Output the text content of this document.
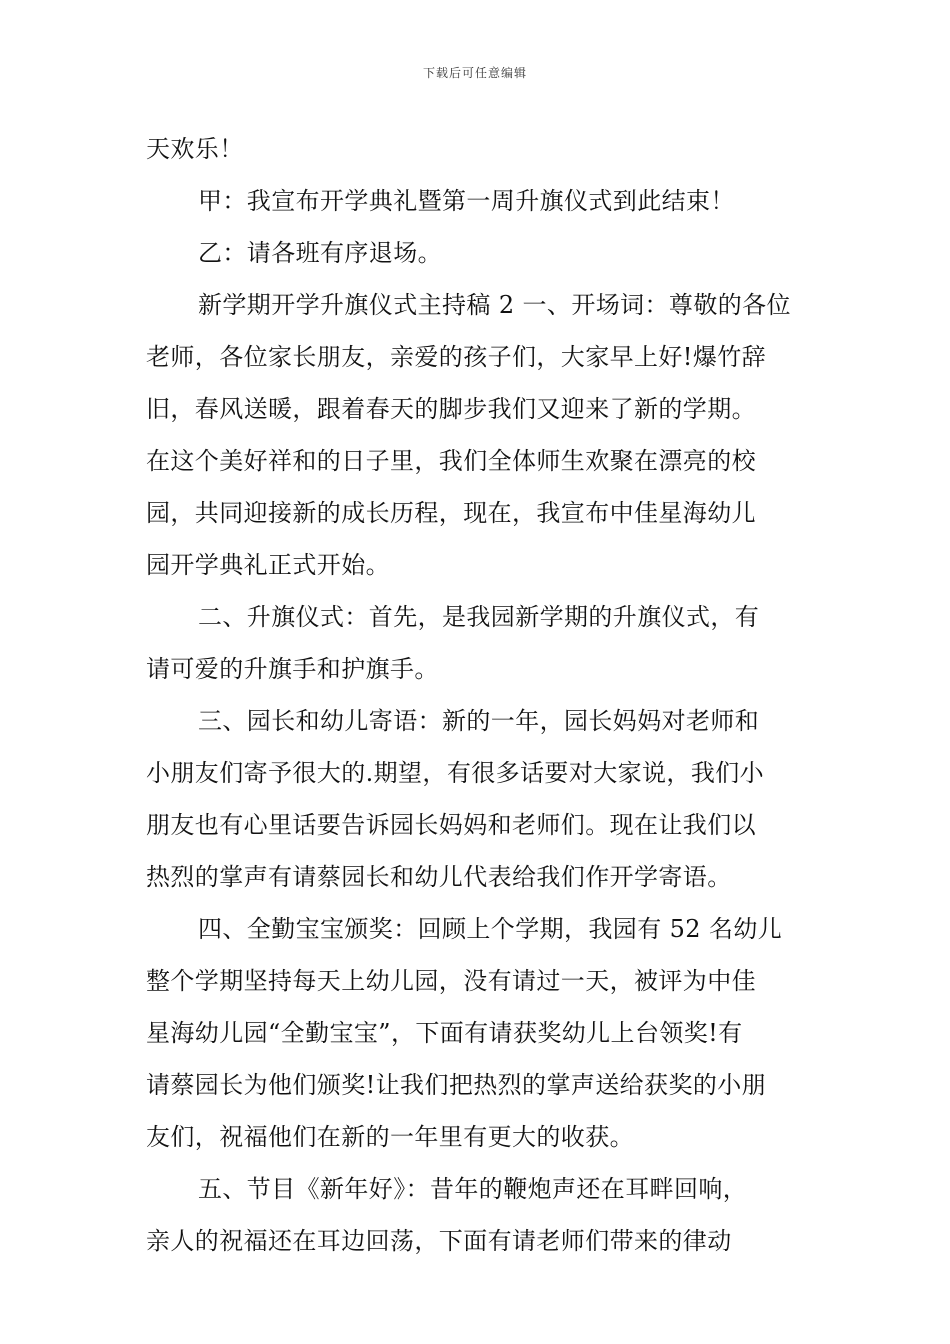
下载后可任意编辑
天欢乐！
甲：我宣布开学典礼暨第一周升旗仪式到此结束！
乙：请各班有序退场。
新学期开学升旗仪式主持稿 2 一、开场词：尊敬的各位
老师，各位家长朋友，亲爱的孩子们，大家早上好!爆竹辞
旧，春风送暖，跟着春天的脚步我们又迎来了新的学期。
在这个美好祥和的日子里，我们全体师生欢聚在漂亮的校
园，共同迎接新的成长历程，现在，我宣布中佳星海幼儿
园开学典礼正式开始。
二、升旗仪式：首先，是我园新学期的升旗仪式，有
请可爱的升旗手和护旗手。
三、园长和幼儿寄语：新的一年，园长妈妈对老师和
小朋友们寄予很大的.期望，有很多话要对大家说，我们小
朋友也有心里话要告诉园长妈妈和老师们。现在让我们以
热烈的掌声有请蔡园长和幼儿代表给我们作开学寄语。
四、全勤宝宝颁奖：回顾上个学期，我园有 52 名幼儿
整个学期坚持每天上幼儿园，没有请过一天，被评为中佳
星海幼儿园“全勤宝宝”，下面有请获奖幼儿上台领奖!有
请蔡园长为他们颁奖!让我们把热烈的掌声送给获奖的小朋
友们，祝福他们在新的一年里有更大的收获。
五、节目《新年好》：昔年的鞭炮声还在耳畔回响，
亲人的祝福还在耳边回荡，下面有请老师们带来的律动
